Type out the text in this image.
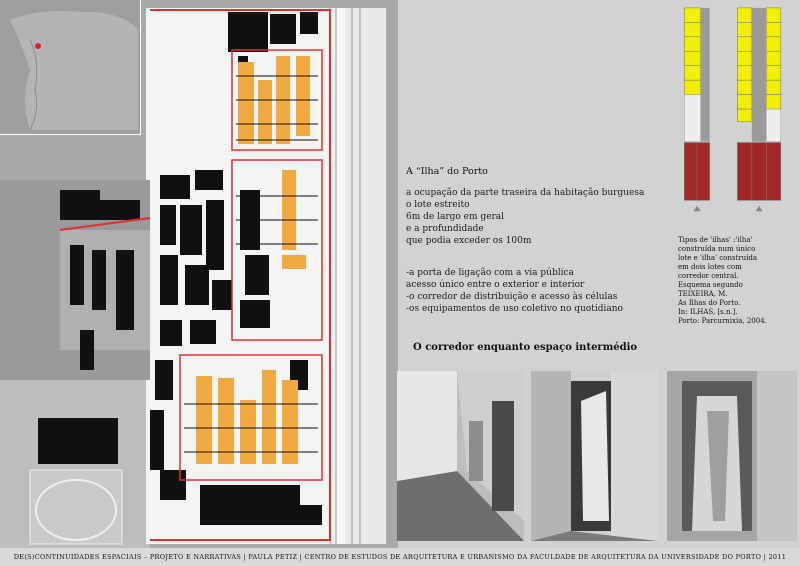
A “Ilha” do Porto
a ocupação da parte traseira da habitação burguesa
o lote estreito
6m de largo em geral
e a profundidade
que podia exceder os 100m
-a porta de ligação com a via pública
acesso único entre o exterior e interior
-o corredor de distribuição e acesso às células
-os equipamentos de uso coletivo no quotidiano
O corredor enquanto espaço intermédio
Tipos de 'ilhas' :'ilha'
construída num único
lote e 'ilha' construída
em dois lotes com
corredor central.
Esquema segundo
TEIXEIRA, M.
As Ilhas do Porto.
In: ILHAS, [s.n.].
Porto: Parcurnixia, 2004.
DE(S)CONTINUIDADES ESPACIAIS – PROJETO E NARRATIVAS | PAULA PETIZ | CENTRO DE ESTUDOS DE ARQUITETURA E URBANISMO DA FACULDADE DE ARQUITETURA DA UNIVERSIDADE DO PORTO | 2011
